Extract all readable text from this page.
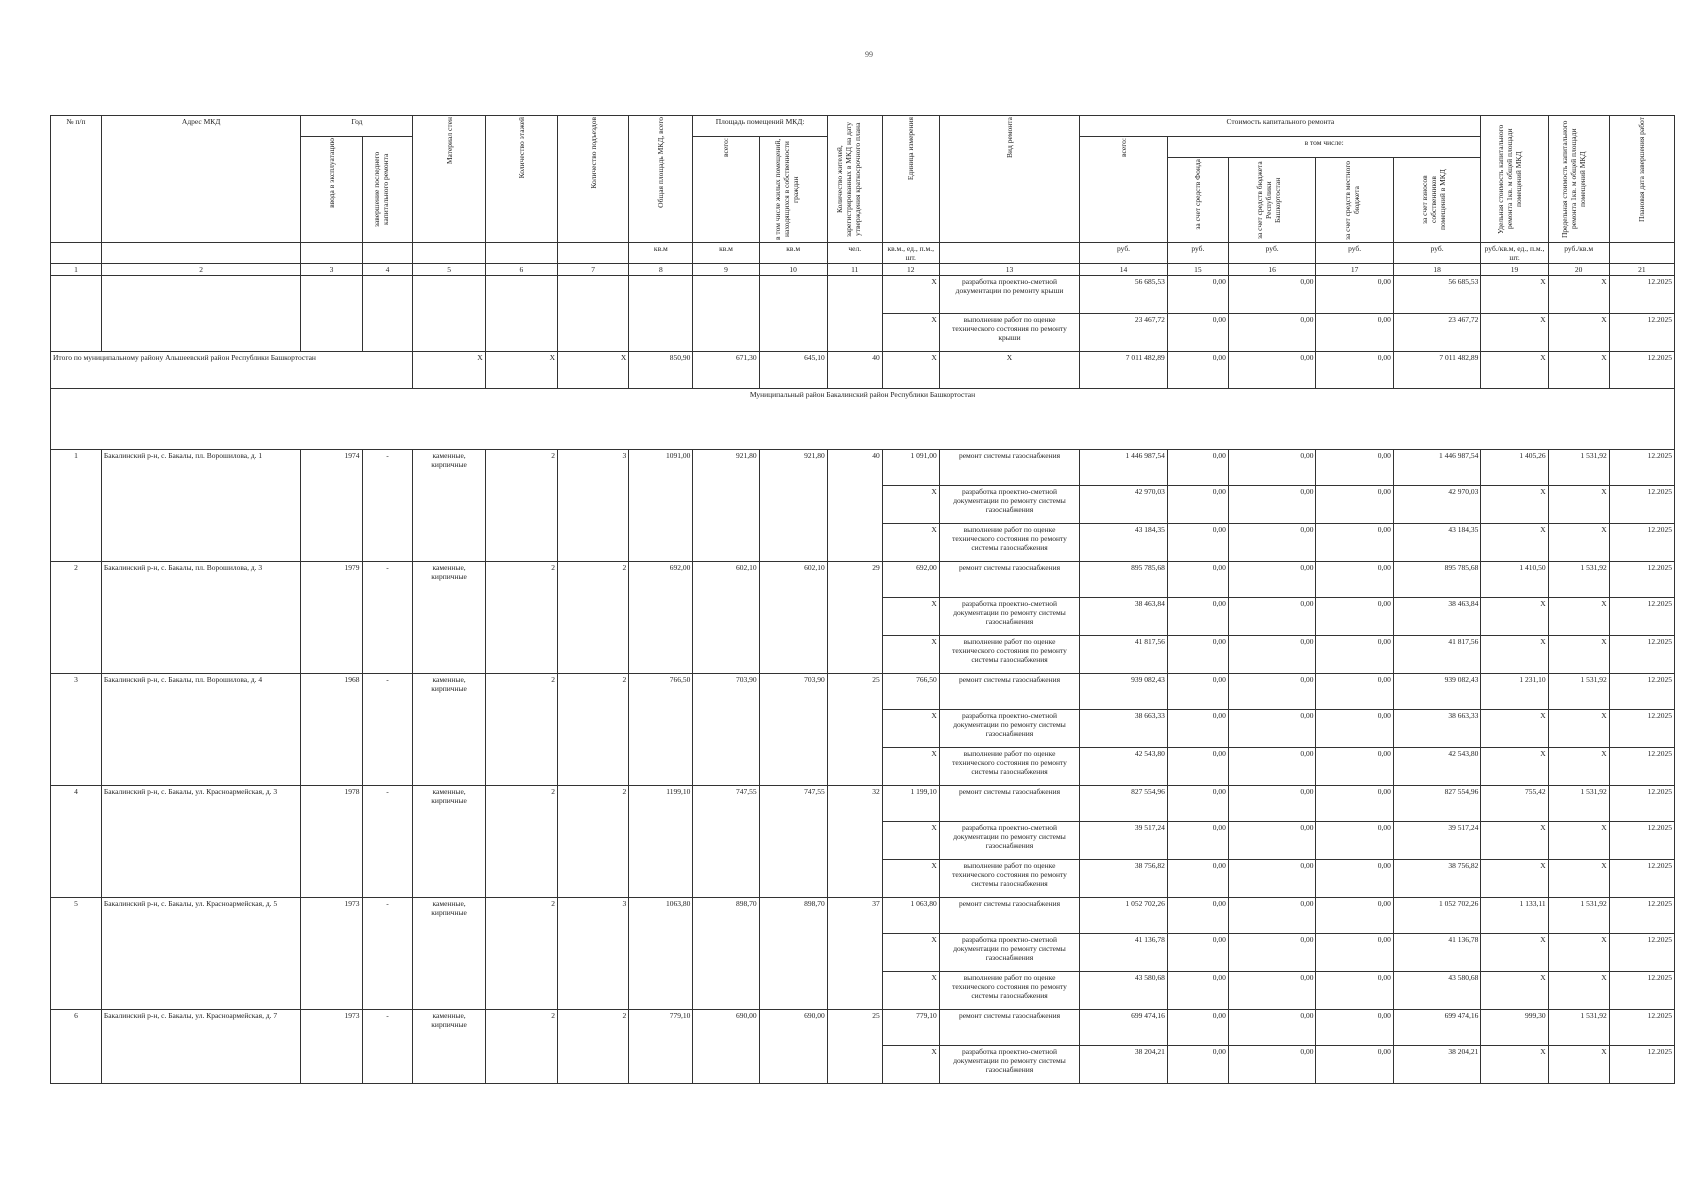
99
№ п/п	Адрес МКД	Год		Материал стен	Количество этажей	Количество подъездов	Общая площадь МКД, всего	Площадь помещений МКД:		Количество жителей, зарегистрированных в МКД на дату утверждения краткосрочного плана	Единица измерения	Вид ремонта	Стоимость капитального ремонта					Удельная стоимость капитального ремонта 1кв. м общей площади помещений МКД	Предельная стоимость капитального ремонта 1кв. м общей площади помещений МКД	Плановая дата завершения работ
		ввода в эксплуатацию	завершение последнего капитального ремонта					всего:	в том числе жилых помещений, находящихся в собственности граждан				всего:	в том числе:						
														за счет средств Фонда	за счет средств бюджета Республики Башкортостан	за счет средств местного бюджета	за счет взносов собственников помещений в МКД			
							кв.м	кв.м	кв.м	чел.	кв.м., ед., п.м., шт.		руб.	руб.	руб.	руб.	руб.	руб./кв.м, ед., п.м., шт.	руб./кв.м	
1	2	3	4	5	6	7	8	9	10	11	12	13	14	15	16	17	18	19	20	21
											X	разработка проектно-сметной документации по ремонту крыши	56 685,53	0,00	0,00	0,00	56 685,53	X	X	12.2025
											X	выполнение работ по оценке технического состояния по ремонту крыши	23 467,72	0,00	0,00	0,00	23 467,72	X	X	12.2025
Итого по муниципальному району Альшеевский район Республики Башкортостан				X	X	X	850,90	671,30	645,10	40	X	X	7 011 482,89	0,00	0,00	0,00	7 011 482,89	X	X	12.2025
Муниципальный район Бакалинский район Республики Башкортостан																				
1	Бакалинский р-н, с. Бакалы, пл. Ворошилова, д. 1	1974	-	каменные, кирпичные	2	3	1091,00	921,80	921,80	40	1 091,00	ремонт системы газоснабжения	1 446 987,54	0,00	0,00	0,00	1 446 987,54	1 405,26	1 531,92	12.2025
											X	разработка проектно-сметной документации по ремонту системы газоснабжения	42 970,03	0,00	0,00	0,00	42 970,03	X	X	12.2025
											X	выполнение работ по оценке технического состояния по ремонту системы газоснабжения	43 184,35	0,00	0,00	0,00	43 184,35	X	X	12.2025
2	Бакалинский р-н, с. Бакалы, пл. Ворошилова, д. 3	1979	-	каменные, кирпичные	2	2	692,00	602,10	602,10	29	692,00	ремонт системы газоснабжения	895 785,68	0,00	0,00	0,00	895 785,68	1 410,50	1 531,92	12.2025
											X	разработка проектно-сметной документации по ремонту системы газоснабжения	38 463,84	0,00	0,00	0,00	38 463,84	X	X	12.2025
											X	выполнение работ по оценке технического состояния по ремонту системы газоснабжения	41 817,56	0,00	0,00	0,00	41 817,56	X	X	12.2025
3	Бакалинский р-н, с. Бакалы, пл. Ворошилова, д. 4	1968	-	каменные, кирпичные	2	2	766,50	703,90	703,90	25	766,50	ремонт системы газоснабжения	939 082,43	0,00	0,00	0,00	939 082,43	1 231,10	1 531,92	12.2025
											X	разработка проектно-сметной документации по ремонту системы газоснабжения	38 663,33	0,00	0,00	0,00	38 663,33	X	X	12.2025
											X	выполнение работ по оценке технического состояния по ремонту системы газоснабжения	42 543,80	0,00	0,00	0,00	42 543,80	X	X	12.2025
4	Бакалинский р-н, с. Бакалы, ул. Красноармейская, д. 3	1978	-	каменные, кирпичные	2	2	1199,10	747,55	747,55	32	1 199,10	ремонт системы газоснабжения	827 554,96	0,00	0,00	0,00	827 554,96	755,42	1 531,92	12.2025
											X	разработка проектно-сметной документации по ремонту системы газоснабжения	39 517,24	0,00	0,00	0,00	39 517,24	X	X	12.2025
											X	выполнение работ по оценке технического состояния по ремонту системы газоснабжения	38 756,82	0,00	0,00	0,00	38 756,82	X	X	12.2025
5	Бакалинский р-н, с. Бакалы, ул. Красноармейская, д. 5	1973	-	каменные, кирпичные	2	3	1063,80	898,70	898,70	37	1 063,80	ремонт системы газоснабжения	1 052 702,26	0,00	0,00	0,00	1 052 702,26	1 133,11	1 531,92	12.2025
											X	разработка проектно-сметной документации по ремонту системы газоснабжения	41 136,78	0,00	0,00	0,00	41 136,78	X	X	12.2025
											X	выполнение работ по оценке технического состояния по ремонту системы газоснабжения	43 580,68	0,00	0,00	0,00	43 580,68	X	X	12.2025
6	Бакалинский р-н, с. Бакалы, ул. Красноармейская, д. 7	1973	-	каменные, кирпичные	2	2	779,10	690,00	690,00	25	779,10	ремонт системы газоснабжения	699 474,16	0,00	0,00	0,00	699 474,16	999,30	1 531,92	12.2025
											X	разработка проектно-сметной документации по ремонту системы газоснабжения	38 204,21	0,00	0,00	0,00	38 204,21	X	X	12.2025
